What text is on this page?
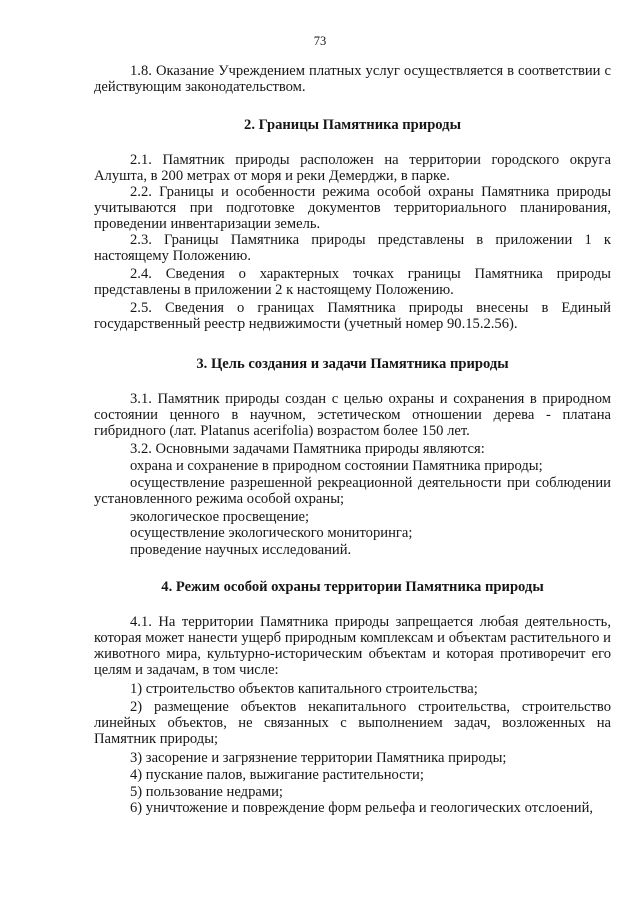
73

1.8. Оказание Учреждением платных услуг осуществляется в соответствии с действующим законодательством.

2. Границы Памятника природы

2.1. Памятник природы расположен на территории городского округа Алушта, в 200 метрах от моря и реки Демерджи, в парке.

2.2. Границы и особенности режима особой охраны Памятника природы учитываются при подготовке документов территориального планирования, проведении инвентаризации земель.

2.3. Границы Памятника природы представлены в приложении 1 к настоящему Положению.

2.4. Сведения о характерных точках границы Памятника природы представлены в приложении 2 к настоящему Положению.

2.5. Сведения о границах Памятника природы внесены в Единый государственный реестр недвижимости (учетный номер 90.15.2.56).

3. Цель создания и задачи Памятника природы

3.1. Памятник природы создан с целью охраны и сохранения в природном состоянии ценного в научном, эстетическом отношении дерева - платана гибридного (лат. Platanus acerifolia) возрастом более 150 лет.

3.2. Основными задачами Памятника природы являются:

охрана и сохранение в природном состоянии Памятника природы;

осуществление разрешенной рекреационной деятельности при соблюдении установленного режима особой охраны;

экологическое просвещение;

осуществление экологического мониторинга;

проведение научных исследований.

4. Режим особой охраны территории Памятника природы

4.1. На территории Памятника природы запрещается любая деятельность, которая может нанести ущерб природным комплексам и объектам растительного и животного мира, культурно-историческим объектам и которая противоречит его целям и задачам, в том числе:

1) строительство объектов капитального строительства;

2) размещение объектов некапитального строительства, строительство линейных объектов, не связанных с выполнением задач, возложенных на Памятник природы;

3) засорение и загрязнение территории Памятника природы;

4) пускание палов, выжигание растительности;

5) пользование недрами;

6) уничтожение и повреждение форм рельефа и геологических отслоений,
